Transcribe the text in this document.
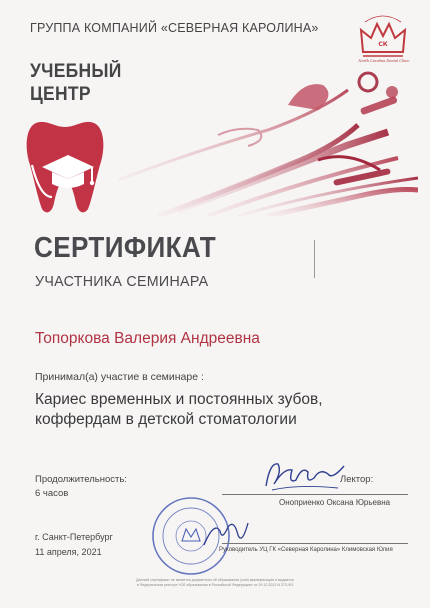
ГРУППА КОМПАНИЙ «СЕВЕРНАЯ КАРОЛИНА»
СК
North Carolina Dental Clinic
УЧЕБНЫЙ
ЦЕНТР
СЕРТИФИКАТ
УЧАСТНИКА СЕМИНАРА
Топоркова Валерия Андреевна
Принимал(а) участие в семинаре :
Кариес временных и постоянных зубов,
коффердам в детской стоматологии
Продолжительность:
6 часов
Лектор:
Оноприенко Оксана Юрьевна
г. Санкт-Петербург
11 апреля, 2021	Руководитель УЦ ГК «Северная Каролина» Климовская Юлия
Данный сертификат не является документом об образовании (или) квалификации и выдается
в Федеральном реестре «Об образовании в Российской Федерации» от 29.12.2012 N 273-ФЗ
